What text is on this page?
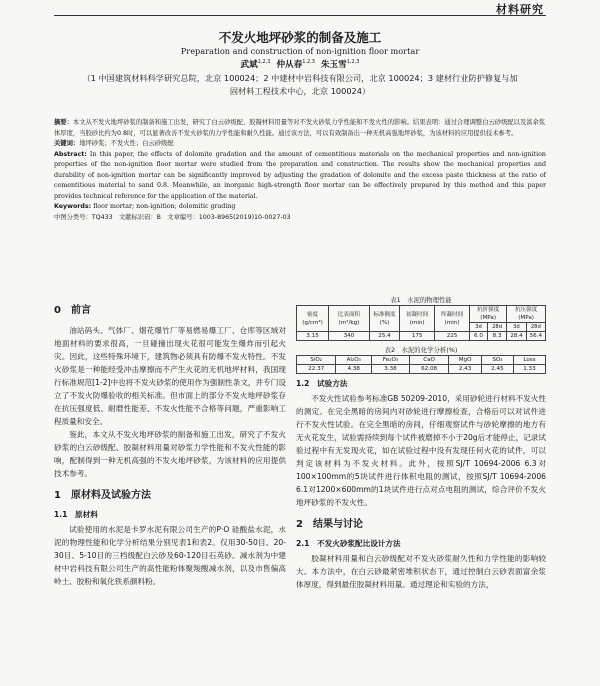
材料研究
不发火地坪砂浆的制备及施工
Preparation and construction of non-ignition floor mortar
武斌$^{1,2,3}$ 仲从春$^{1,2,3}$ 朱玉雪$^{1,2,3}$
（1 中国建筑材料科学研究总院，北京 100024；2 中建材中岩科技有限公司，北京 100024；3 建材行业防护修复与加固材料工程技术中心，北京 100024）
摘要：本文从不发火地坪砂浆的制备和施工出发，研究了白云砂级配、胶凝材料用量等对不发火砂浆力学性能和不发火性的影响。结果表明：通过合理调整白云砂级配以及富余浆体厚度，当胶砂比约为0.8时，可以显著改善不发火砂浆的力学性能和耐久性能。通过该方法，可以有效制备出一种无机高强地坪砂浆，为该材料的应用提供技术参考。
关键词：地坪砂浆；不发火性；白云砂级配
Abstract: In this paper, the effects of dolomite gradation and the amount of cementitious materials on the mechanical properties and non-ignition properties of the non-ignition floor mortar were studied from the preparation and construction. The results show the mechanical properties and durability of non-ignition mortar can be significantly improved by adjusting the gradation of dolomite and the excess paste thickness at the ratio of cementitious material to sand 0.8. Meanwhile, an inorganic high-strength floor mortar can be effectively prepared by this method and this paper provides technical reference for the application of the material.
Keywords: floor mortar; non-ignition; dolomitic grading
中图分类号：TQ433　文献标识码：B　文章编号：1003-8965(2019)10-0027-03
0　前言

油站码头、气体厂、烟花爆竹厂等易燃易爆工厂、仓库等区域对地面材料的要求很高，一旦碰撞出现火花很可能发生爆炸而引起火灾。因此，这些特殊环境下，建筑物必须具有防爆不发火特性。不发火砂浆是一种能经受冲击摩擦而不产生火花的无机地坪材料，我国现行标准规范[1-2]中也将不发火砂浆的使用作为强制性条文，并专门设立了不发火防爆验收的相关标准。但市面上的部分不发火地坪砂浆存在抗压强度低、耐磨性能差、不发火性能不合格等问题，严重影响工程质量和安全。

鉴此，本文从不发火地坪砂浆的制备和施工出发，研究了不发火砂浆的白云砂级配、胶凝材料用量对砂浆力学性能和不发火性能的影响，配制得到一种无机高强的不发火地坪砂浆，为该材料的应用提供技术参考。

1　原材料及试验方法
1.1　原材料

试验使用的水泥是卡罗水泥有限公司生产的P·O 硅酸盐水泥，水泥的物理性能和化学分析结果分别见表1和表2。仅用30-50目、20-30目、5-10目的三档级配白云砂及60-120目石英砂。减水剂为中建材中岩科技有限公司生产的高性能粉体聚羧酸减水剂，以及市售偏高岭土、胶粉和氧化铁系颜料粉。

表1　水泥的物理性能
密度(g/cm³)	比表面积(m²/kg)	标准稠度(%)	初凝时间(min)	终凝时间(min)	抗折强度(MPa)		抗压强度(MPa)	
					3d	28d	3d	28d
3.15	340	25.4	175	225	6.0	8.3	28.4	56.4
表2　水泥的化学分析(%)
SiO₂	Al₂O₃	Fe₂O₃	CaO	MgO	SO₃	Loss
22.37	4.38	3.38	62.08	2.43	2.45	1.33
1.2　试验方法

不发火性试验参考标准GB 50209-2010，采用砂轮进行材料不发火性的测定。在完全黑暗的房间内对砂轮进行摩擦检查，合格后可以对试件进行不发火性试验。在完全黑暗的房间，仔细观察试件与砂轮摩擦的地方有无火花发生，试验需持续到每个试件被磨掉不小于20g后才能停止，记录试验过程中有无发现火花，如在试验过程中没有发现任何火花的试件，可以判定该材料为不发火材料。此外，按照SJ/T 10694-2006 6.3对100×100mm的5块试件进行体积电阻的测试，按照SJ/T 10694-2006 6.1对1200×600mm的1块试件进行点对点电阻的测试，综合评价不发火地坪砂浆的不发火性。

2　结果与讨论
2.1　不发火砂浆配比设计方法

胶凝材料用量和白云砂级配对不发火砂浆耐久性和力学性能的影响较大。本方法中，在白云砂最紧密堆积状态下，通过控制白云砂表面富余浆体厚度，得到最佳胶凝材料用量。通过理论和实验的方法，
